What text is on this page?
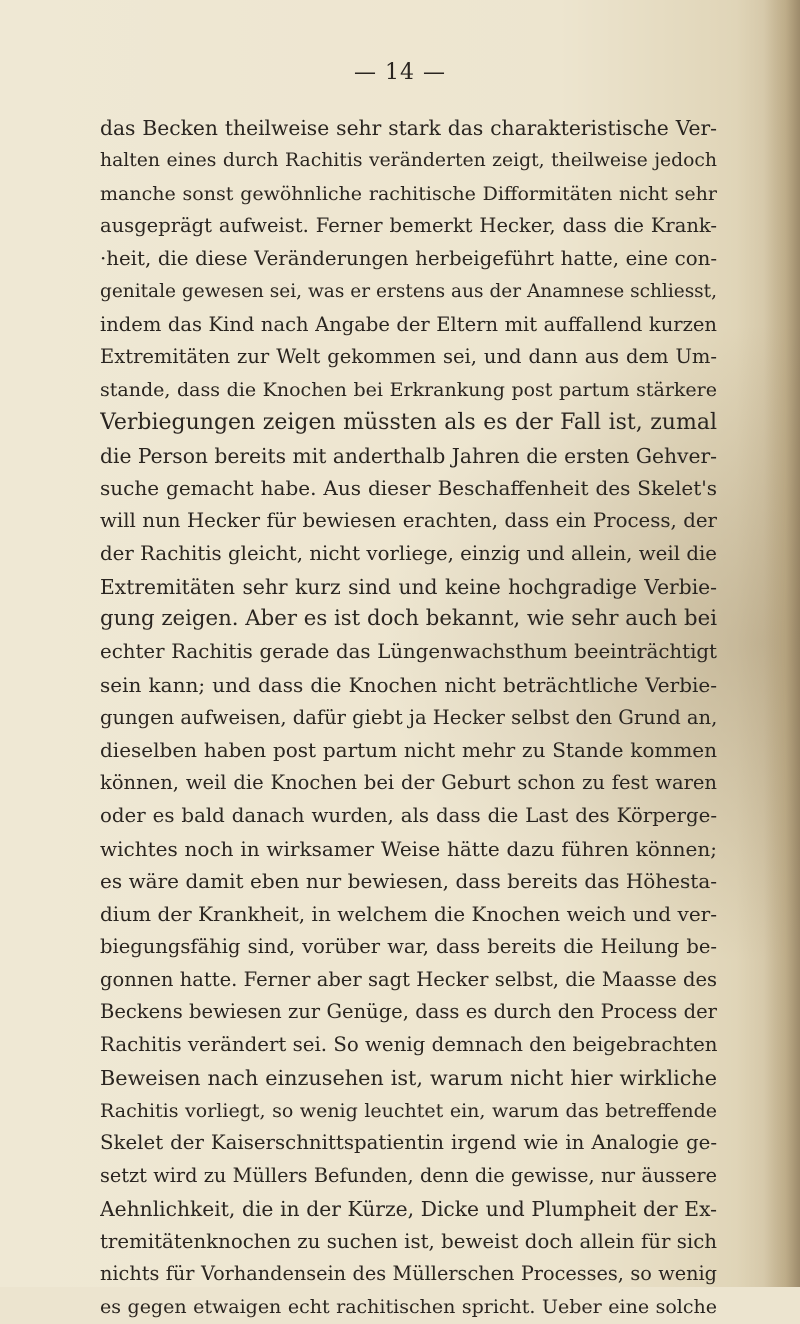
— 14 —
das Becken theilweise sehr stark das charakteristische Ver-
halten eines durch Rachitis veränderten zeigt, theilweise jedoch
manche sonst gewöhnliche rachitische Difformitäten nicht sehr
ausgeprägt aufweist. Ferner bemerkt Hecker, dass die Krank-
·heit, die diese Veränderungen herbeigeführt hatte, eine con-
genitale gewesen sei, was er erstens aus der Anamnese schliesst,
indem das Kind nach Angabe der Eltern mit auffallend kurzen
Extremitäten zur Welt gekommen sei, und dann aus dem Um-
stande, dass die Knochen bei Erkrankung post partum stärkere
Verbiegungen zeigen müssten als es der Fall ist, zumal
die Person bereits mit anderthalb Jahren die ersten Gehver-
suche gemacht habe. Aus dieser Beschaffenheit des Skelet's
will nun Hecker für bewiesen erachten, dass ein Process, der
der Rachitis gleicht, nicht vorliege, einzig und allein, weil die
Extremitäten sehr kurz sind und keine hochgradige Verbie-
gung zeigen. Aber es ist doch bekannt, wie sehr auch bei
echter Rachitis gerade das Lüngenwachsthum beeinträchtigt
sein kann; und dass die Knochen nicht beträchtliche Verbie-
gungen aufweisen, dafür giebt ja Hecker selbst den Grund an,
dieselben haben post partum nicht mehr zu Stande kommen
können, weil die Knochen bei der Geburt schon zu fest waren
oder es bald danach wurden, als dass die Last des Körperge-
wichtes noch in wirksamer Weise hätte dazu führen können;
es wäre damit eben nur bewiesen, dass bereits das Höhesta-
dium der Krankheit, in welchem die Knochen weich und ver-
biegungsfähig sind, vorüber war, dass bereits die Heilung be-
gonnen hatte. Ferner aber sagt Hecker selbst, die Maasse des
Beckens bewiesen zur Genüge, dass es durch den Process der
Rachitis verändert sei. So wenig demnach den beigebrachten
Beweisen nach einzusehen ist, warum nicht hier wirkliche
Rachitis vorliegt, so wenig leuchtet ein, warum das betreffende
Skelet der Kaiserschnittspatientin irgend wie in Analogie ge-
setzt wird zu Müllers Befunden, denn die gewisse, nur äussere
Aehnlichkeit, die in der Kürze, Dicke und Plumpheit der Ex-
tremitätenknochen zu suchen ist, beweist doch allein für sich
nichts für Vorhandensein des Müllerschen Processes, so wenig
es gegen etwaigen echt rachitischen spricht. Ueber eine solche
